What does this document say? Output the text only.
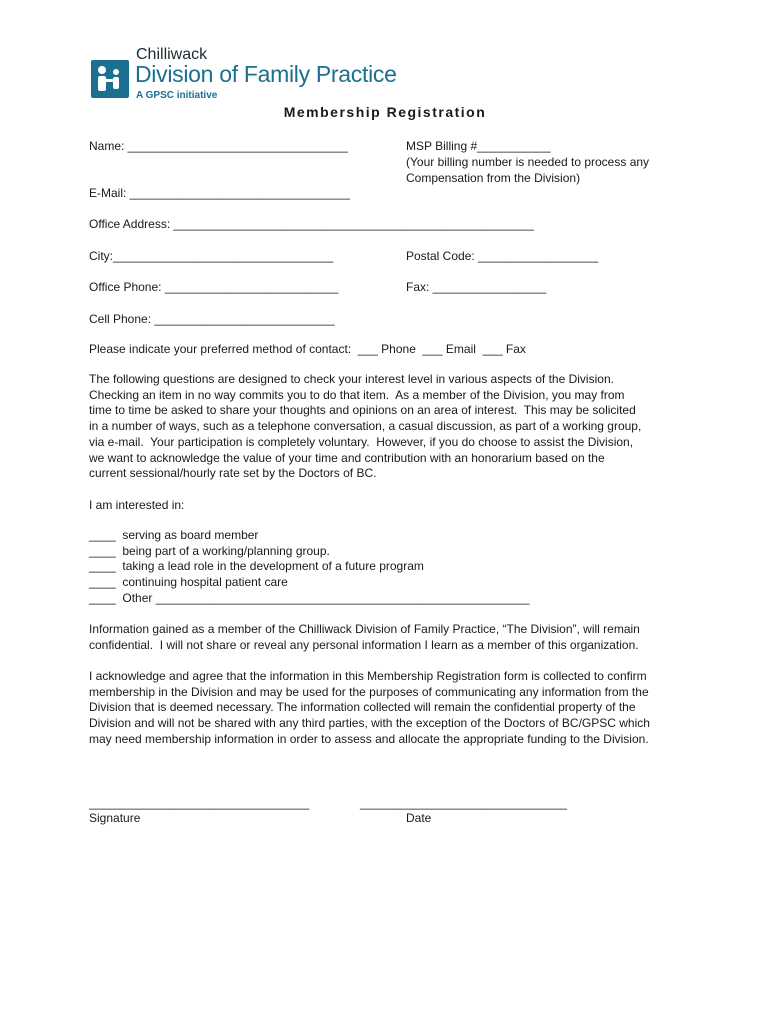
Chilliwack
Division of Family Practice
A GPSC initiative
Membership Registration
Name: _________________________________	MSP Billing #___________
(Your billing number is needed to process any
Compensation from the Division)
E-Mail: _________________________________
Office Address: ______________________________________________________
City:_________________________________	Postal Code: __________________
Office Phone: __________________________	Fax: _________________
Cell Phone: ___________________________
Please indicate your preferred method of contact:  ___ Phone  ___ Email  ___ Fax
The following questions are designed to check your interest level in various aspects of the Division.
Checking an item in no way commits you to do that item.  As a member of the Division, you may from
time to time be asked to share your thoughts and opinions on an area of interest.  This may be solicited
in a number of ways, such as a telephone conversation, a casual discussion, as part of a working group,
via e-mail.  Your participation is completely voluntary.  However, if you do choose to assist the Division,
we want to acknowledge the value of your time and contribution with an honorarium based on the
current sessional/hourly rate set by the Doctors of BC.
I am interested in:
____  serving as board member
____  being part of a working/planning group.
____  taking a lead role in the development of a future program
____  continuing hospital patient care
____  Other ________________________________________________________
Information gained as a member of the Chilliwack Division of Family Practice, “The Division”, will remain
confidential.  I will not share or reveal any personal information I learn as a member of this organization.
I acknowledge and agree that the information in this Membership Registration form is collected to confirm
membership in the Division and may be used for the purposes of communicating any information from the
Division that is deemed necessary. The information collected will remain the confidential property of the
Division and will not be shared with any third parties, with the exception of the Doctors of BC/GPSC which
may need membership information in order to assess and allocate the appropriate funding to the Division.
_________________________________
Signature
_______________________________
Date
